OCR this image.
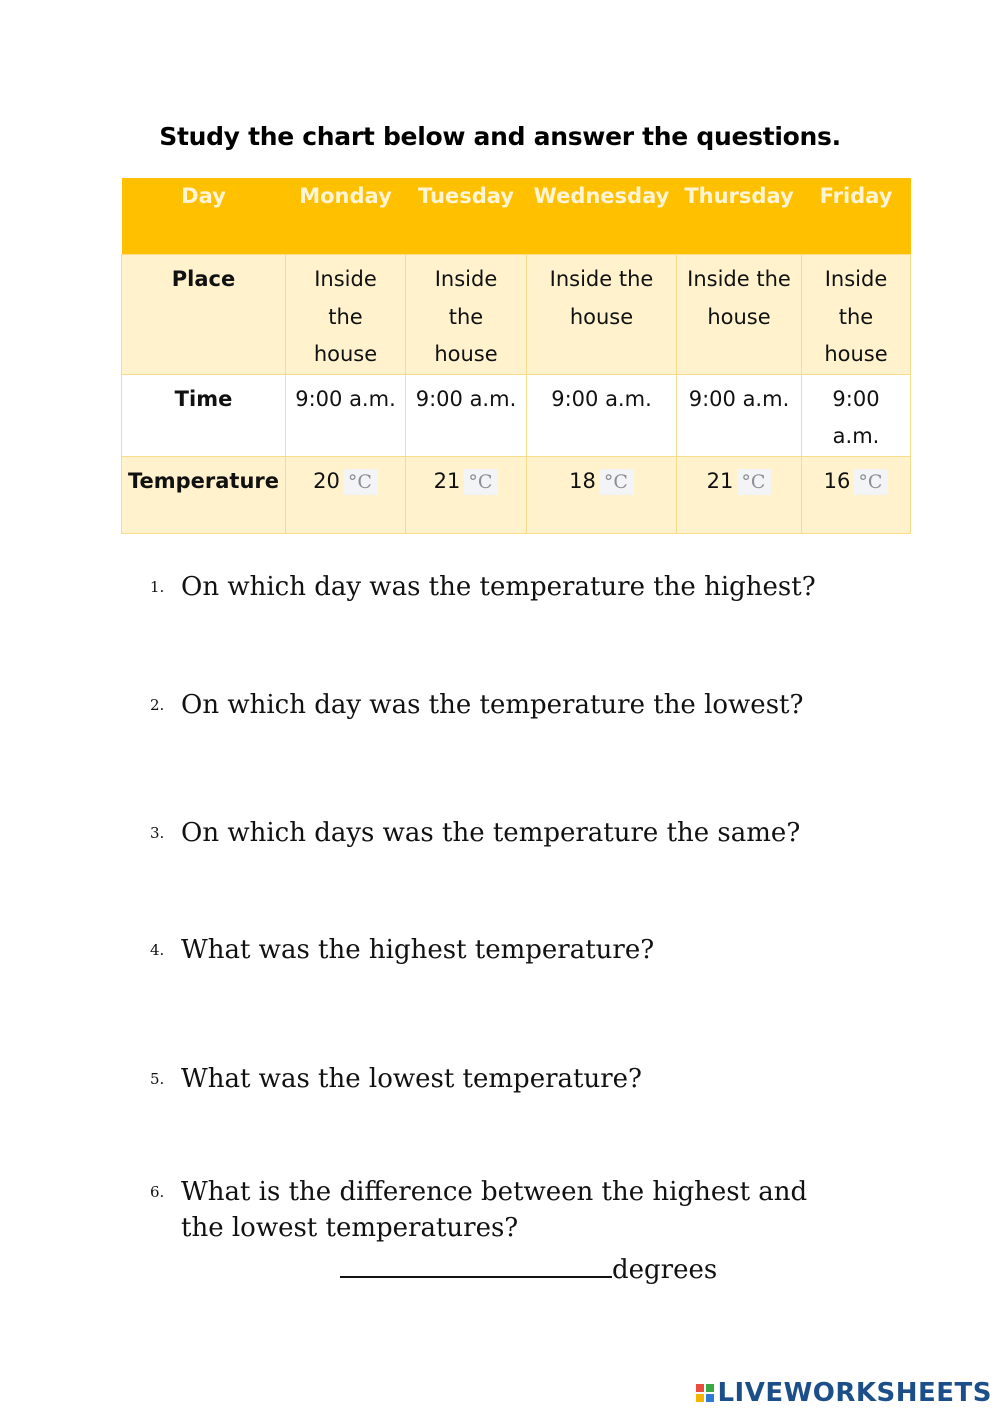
Study the chart below and answer the questions.
Day	Monday	Tuesday	Wednesday	Thursday	Friday
Place	Inside the house	Inside the house	Inside the house	Inside the house	Inside the house
Time	9:00 a.m.	9:00 a.m.	9:00 a.m.	9:00 a.m.	9:00 a.m.
Temperature	20 °C	21 °C	18 °C	21 °C	16 °C
1. On which day was the temperature the highest?
2. On which day was the temperature the lowest?
3. On which days was the temperature the same?
4. What was the highest temperature?
5. What was the lowest temperature?
6. What is the difference between the highest and the lowest temperatures?
degrees
LIVEWORKSHEETS
